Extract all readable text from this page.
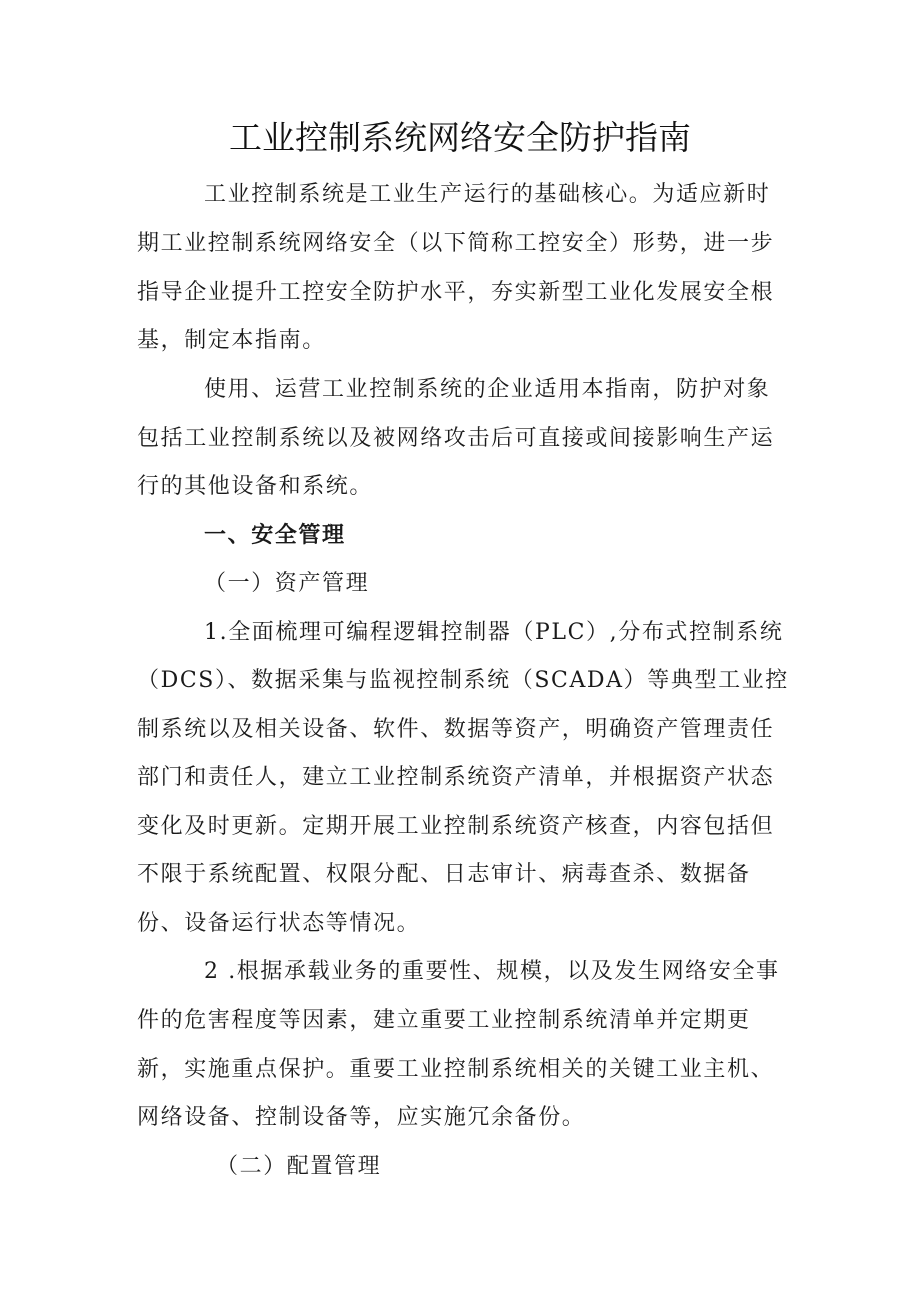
工业控制系统网络安全防护指南
工业控制系统是工业生产运行的基础核心。为适应新时
期工业控制系统网络安全（以下简称工控安全）形势，进一步
指导企业提升工控安全防护水平，夯实新型工业化发展安全根
基，制定本指南。
使用、运营工业控制系统的企业适用本指南，防护对象
包括工业控制系统以及被网络攻击后可直接或间接影响生产运
行的其他设备和系统。
一、安全管理
（一）资产管理
1.全面梳理可编程逻辑控制器（PLC）,分布式控制系统
（DCS）、数据采集与监视控制系统（SCADA）等典型工业控
制系统以及相关设备、软件、数据等资产，明确资产管理责任
部门和责任人，建立工业控制系统资产清单，并根据资产状态
变化及时更新。定期开展工业控制系统资产核查，内容包括但
不限于系统配置、权限分配、日志审计、病毒查杀、数据备
份、设备运行状态等情况。
2 .根据承载业务的重要性、规模，以及发生网络安全事
件的危害程度等因素，建立重要工业控制系统清单并定期更
新，实施重点保护。重要工业控制系统相关的关键工业主机、
网络设备、控制设备等，应实施冗余备份。
（二）配置管理
